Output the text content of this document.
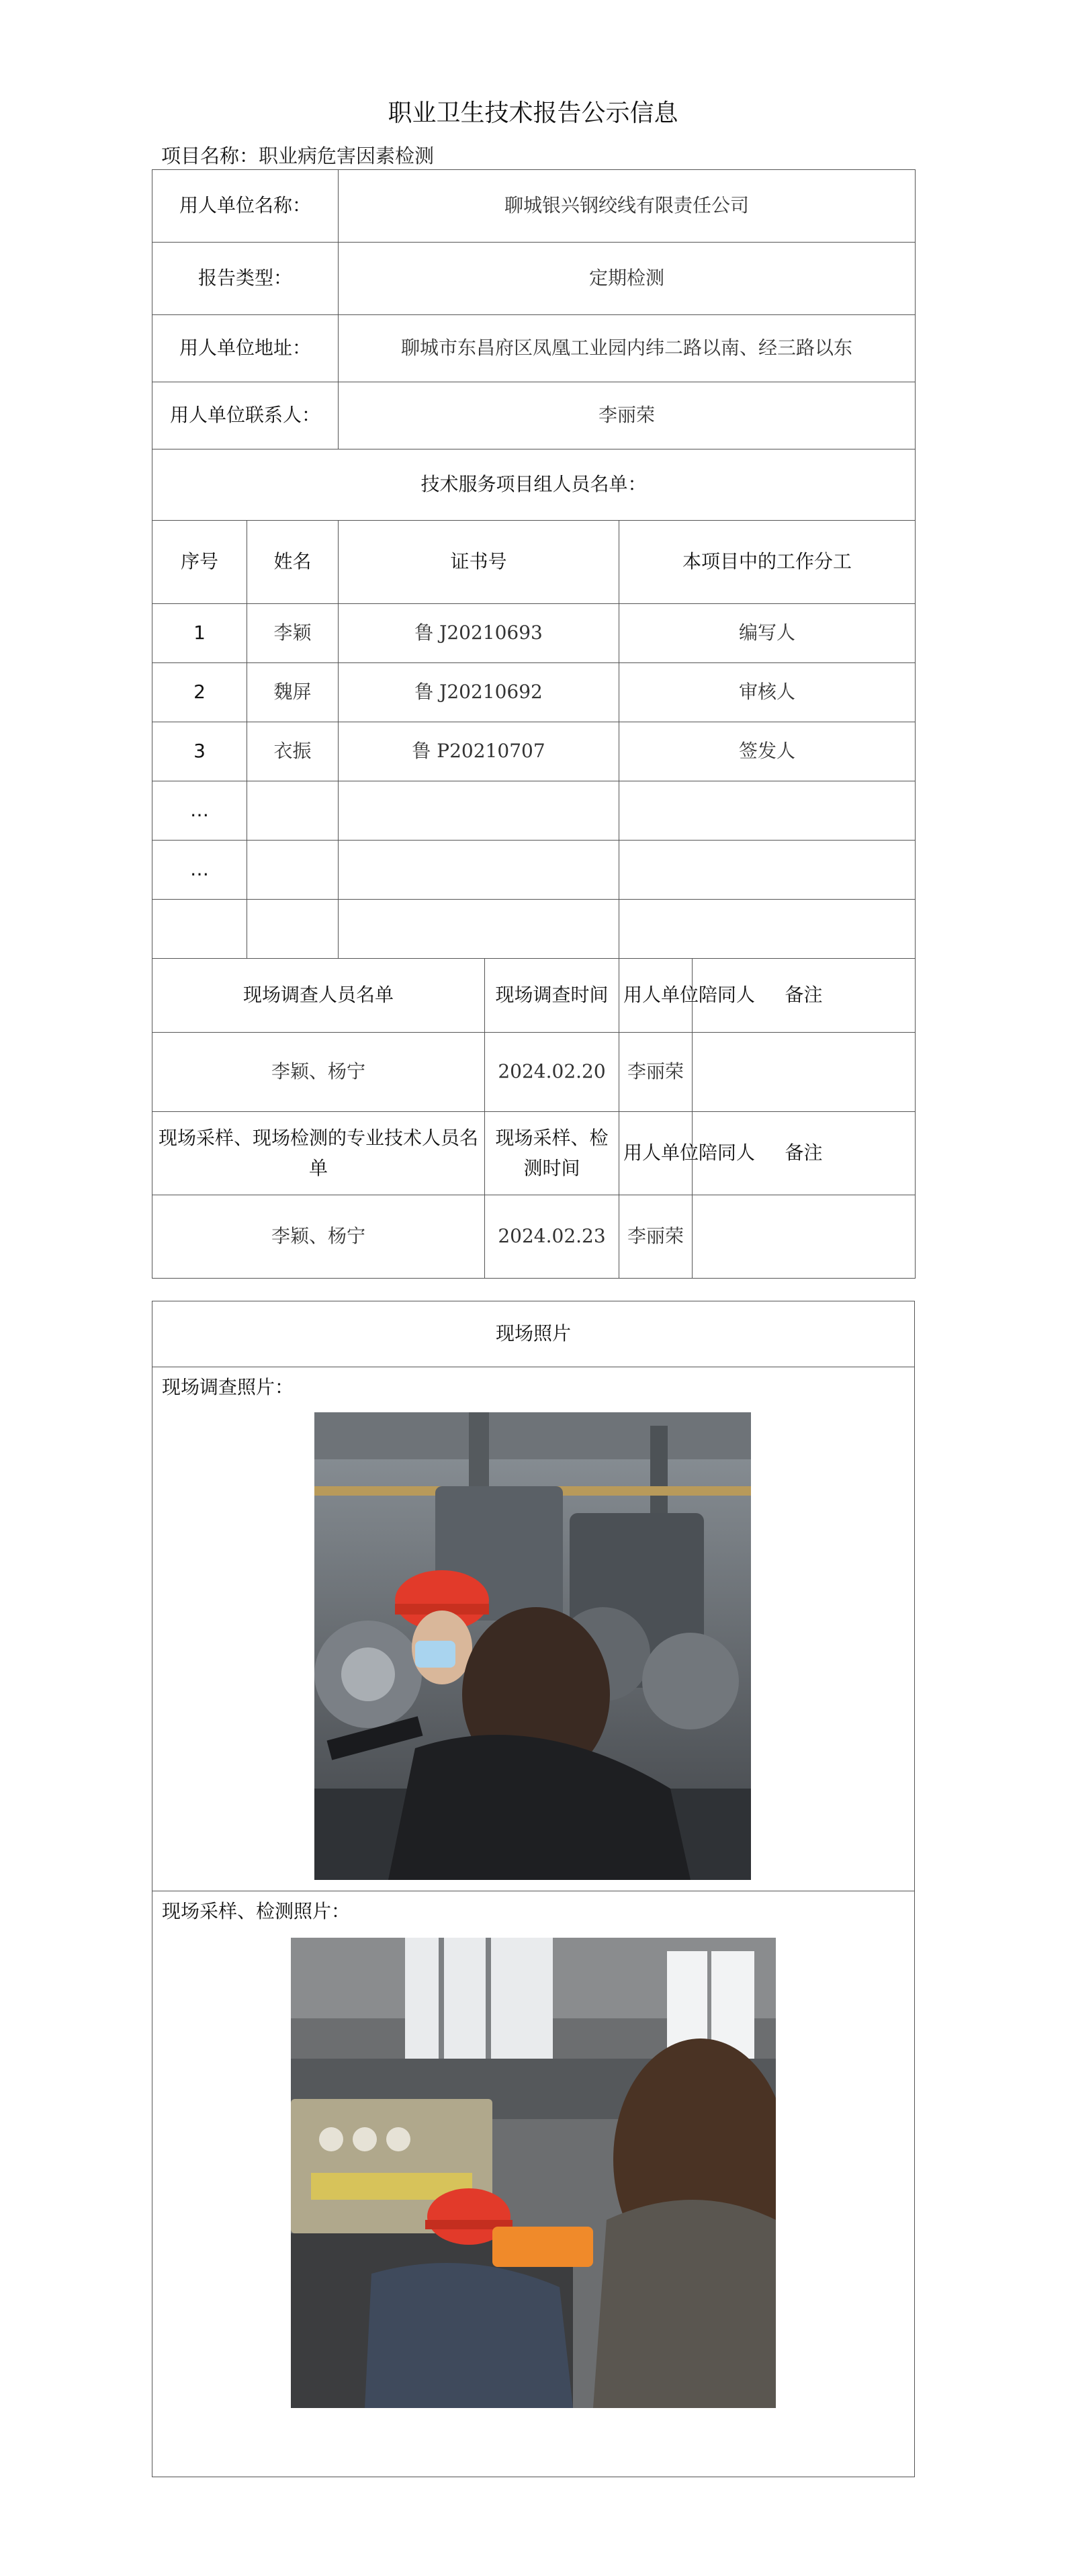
职业卫生技术报告公示信息
项目名称：职业病危害因素检测
用人单位名称：		聊城银兴钢绞线有限责任公司			
报告类型：		定期检测			
用人单位地址：		聊城市东昌府区凤凰工业园内纬二路以南、经三路以东			
用人单位联系人：		李丽荣			
技术服务项目组人员名单：					
序号	姓名	证书号		本项目中的工作分工	
1	李颖	鲁 J20210693		编写人	
2	魏屏	鲁 J20210692		审核人	
3	衣振	鲁 P20210707		签发人	
…					
…					

现场调查人员名单			现场调查时间	用人单位陪同人	备注
李颖、杨宁			2024.02.20	李丽荣	
现场采样、现场检测的专业技术人员名单			现场采样、检测时间	用人单位陪同人	备注
李颖、杨宁			2024.02.23	李丽荣	
现场照片

现场调查照片：

现场采样、检测照片：
